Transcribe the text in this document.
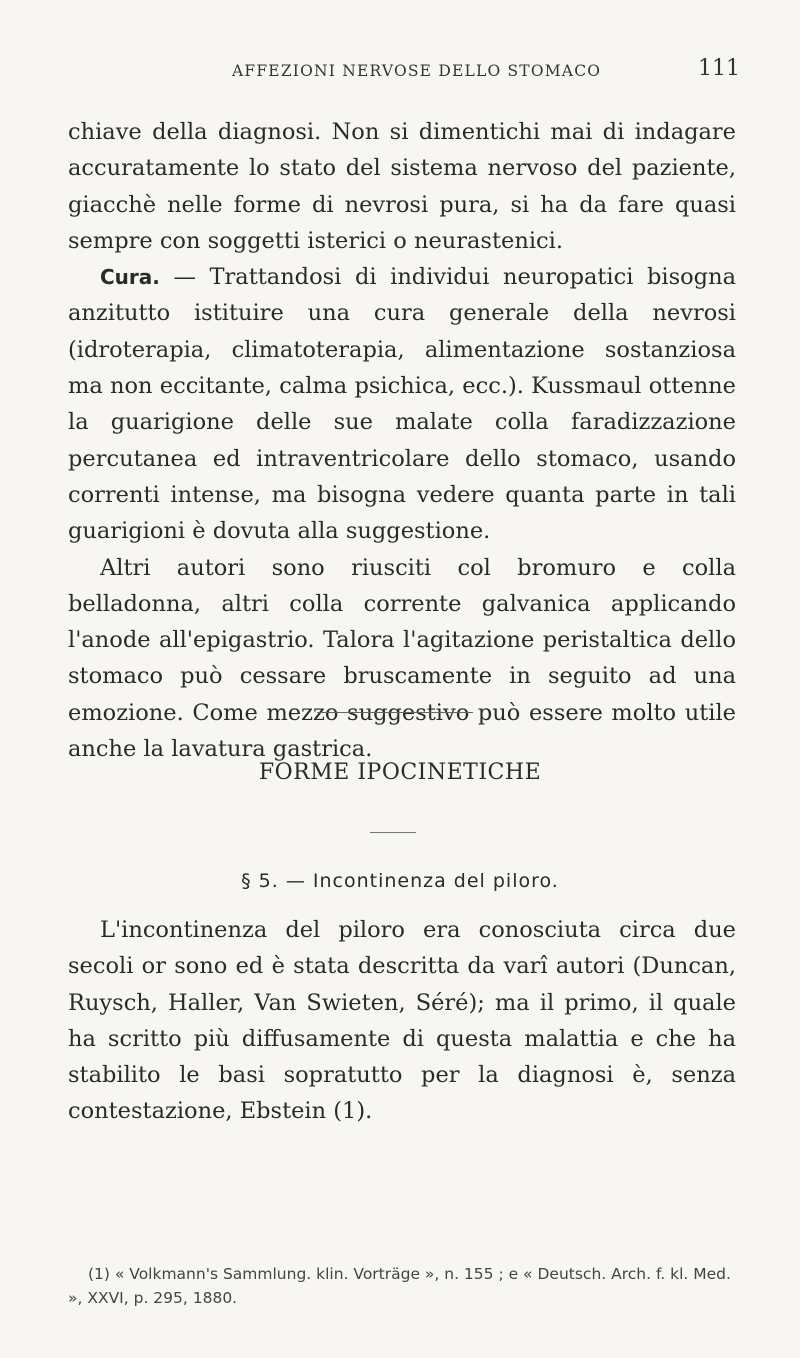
AFFEZIONI NERVOSE DELLO STOMACO	111

chiave della diagnosi. Non si dimentichi mai di indagare accuratamente lo stato del sistema nervoso del paziente, giacchè nelle forme di nevrosi pura, si ha da fare quasi sempre con soggetti isterici o neurastenici.

Cura. — Trattandosi di individui neuropatici bisogna anzitutto istituire una cura generale della nevrosi (idroterapia, climatoterapia, alimentazione sostanziosa ma non eccitante, calma psichica, ecc.). Kussmaul ottenne la guarigione delle sue malate colla faradizzazione percutanea ed intraventricolare dello stomaco, usando correnti intense, ma bisogna vedere quanta parte in tali guarigioni è dovuta alla suggestione.

Altri autori sono riusciti col bromuro e colla belladonna, altri colla corrente galvanica applicando l'anode all'epigastrio. Talora l'agitazione peristaltica dello stomaco può cessare bruscamente in seguito ad una emozione. Come mezzo suggestivo può essere molto utile anche la lavatura gastrica.

FORME IPOCINETICHE
§ 5. — Incontinenza del piloro.

L'incontinenza del piloro era conosciuta circa due secoli or sono ed è stata descritta da varî autori (Duncan, Ruysch, Haller, Van Swieten, Séré); ma il primo, il quale ha scritto più diffusamente di questa malattia e che ha stabilito le basi sopratutto per la diagnosi è, senza contestazione, Ebstein (1).

(1) « Volkmann's Sammlung. klin. Vorträge », n. 155 ; e « Deutsch. Arch. f. kl. Med. », XXVI, p. 295, 1880.
